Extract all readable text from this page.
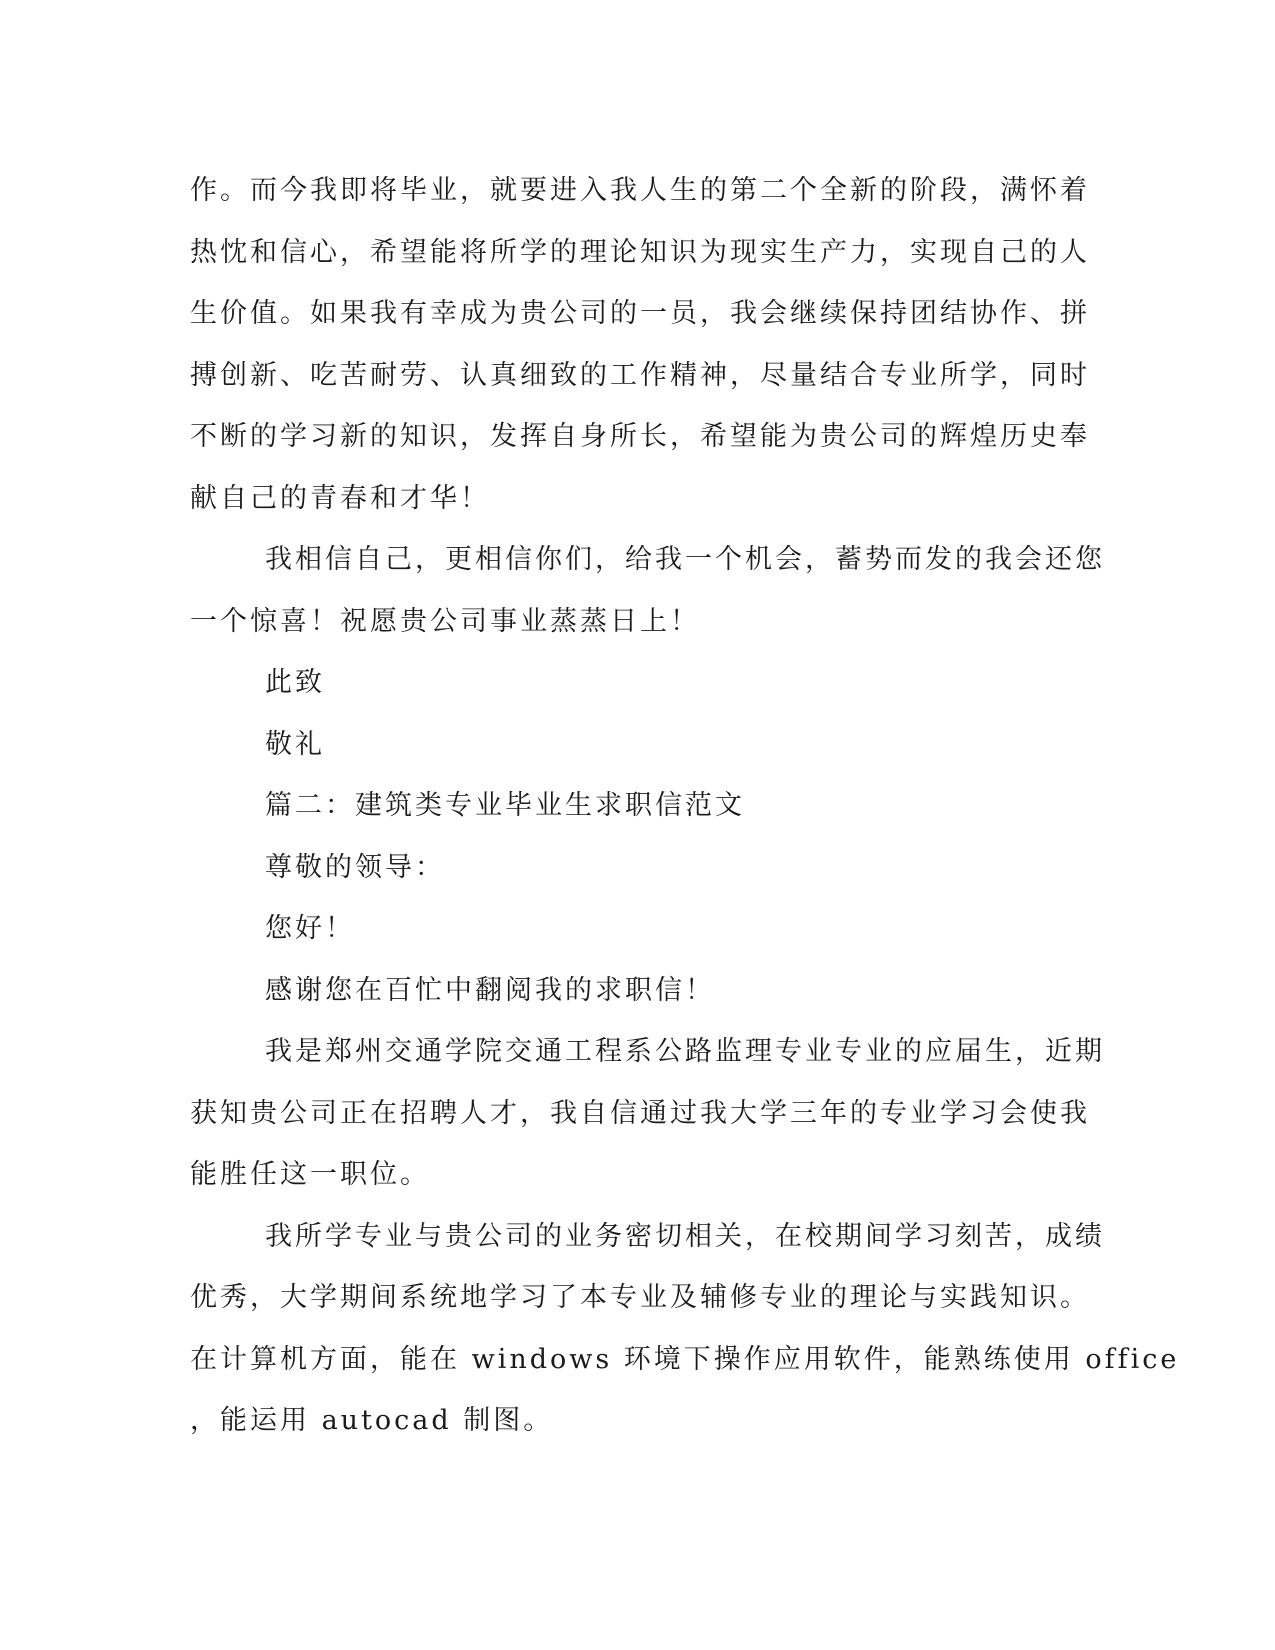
作。而今我即将毕业，就要进入我人生的第二个全新的阶段，满怀着

热忱和信心，希望能将所学的理论知识为现实生产力，实现自己的人

生价值。如果我有幸成为贵公司的一员，我会继续保持团结协作、拼

搏创新、吃苦耐劳、认真细致的工作精神，尽量结合专业所学，同时

不断的学习新的知识，发挥自身所长，希望能为贵公司的辉煌历史奉

献自己的青春和才华！

我相信自己，更相信你们，给我一个机会，蓄势而发的我会还您

一个惊喜！祝愿贵公司事业蒸蒸日上！

此致

敬礼

篇二：建筑类专业毕业生求职信范文

尊敬的领导：

您好！

感谢您在百忙中翻阅我的求职信！

我是郑州交通学院交通工程系公路监理专业专业的应届生，近期

获知贵公司正在招聘人才，我自信通过我大学三年的专业学习会使我

能胜任这一职位。

我所学专业与贵公司的业务密切相关，在校期间学习刻苦，成绩

优秀，大学期间系统地学习了本专业及辅修专业的理论与实践知识。

在计算机方面，能在 windows 环境下操作应用软件，能熟练使用 office

，能运用 autocad 制图。
